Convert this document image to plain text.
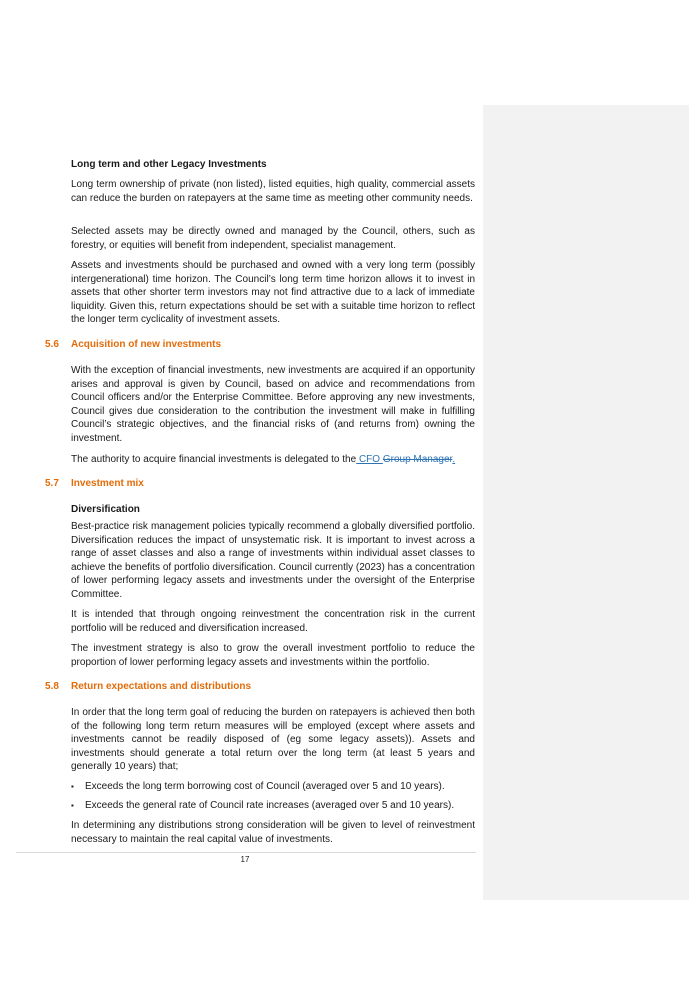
Long term and other Legacy Investments

Long term ownership of private (non listed), listed equities, high quality, commercial assets can reduce the burden on ratepayers at the same time as meeting other community needs.

Selected assets may be directly owned and managed by the Council, others, such as forestry, or equities will benefit from independent, specialist management.

Assets and investments should be purchased and owned with a very long term (possibly intergenerational) time horizon. The Council’s long term time horizon allows it to invest in assets that other shorter term investors may not find attractive due to a lack of immediate liquidity. Given this, return expectations should be set with a suitable time horizon to reflect the longer term cyclicality of investment assets.

5.6 Acquisition of new investments

With the exception of financial investments, new investments are acquired if an opportunity arises and approval is given by Council, based on advice and recommendations from Council officers and/or the Enterprise Committee. Before approving any new investments, Council gives due consideration to the contribution the investment will make in fulfilling Council’s strategic objectives, and the financial risks of (and returns from) owning the investment.

The authority to acquire financial investments is delegated to the CFO Group Manager.

5.7 Investment mix
Diversification

Best-practice risk management policies typically recommend a globally diversified portfolio. Diversification reduces the impact of unsystematic risk. It is important to invest across a range of asset classes and also a range of investments within individual asset classes to achieve the benefits of portfolio diversification. Council currently (2023) has a concentration of lower performing legacy assets and investments under the oversight of the Enterprise Committee.

It is intended that through ongoing reinvestment the concentration risk in the current portfolio will be reduced and diversification increased.

The investment strategy is also to grow the overall investment portfolio to reduce the proportion of lower performing legacy assets and investments within the portfolio.

5.8 Return expectations and distributions

In order that the long term goal of reducing the burden on ratepayers is achieved then both of the following long term return measures will be employed (except where assets and investments cannot be readily disposed of (eg some legacy assets)). Assets and investments should generate a total return over the long term (at least 5 years and generally 10 years) that;

▪ Exceeds the long term borrowing cost of Council (averaged over 5 and 10 years).
▪ Exceeds the general rate of Council rate increases (averaged over 5 and 10 years).

In determining any distributions strong consideration will be given to level of reinvestment necessary to maintain the real capital value of investments.

17
